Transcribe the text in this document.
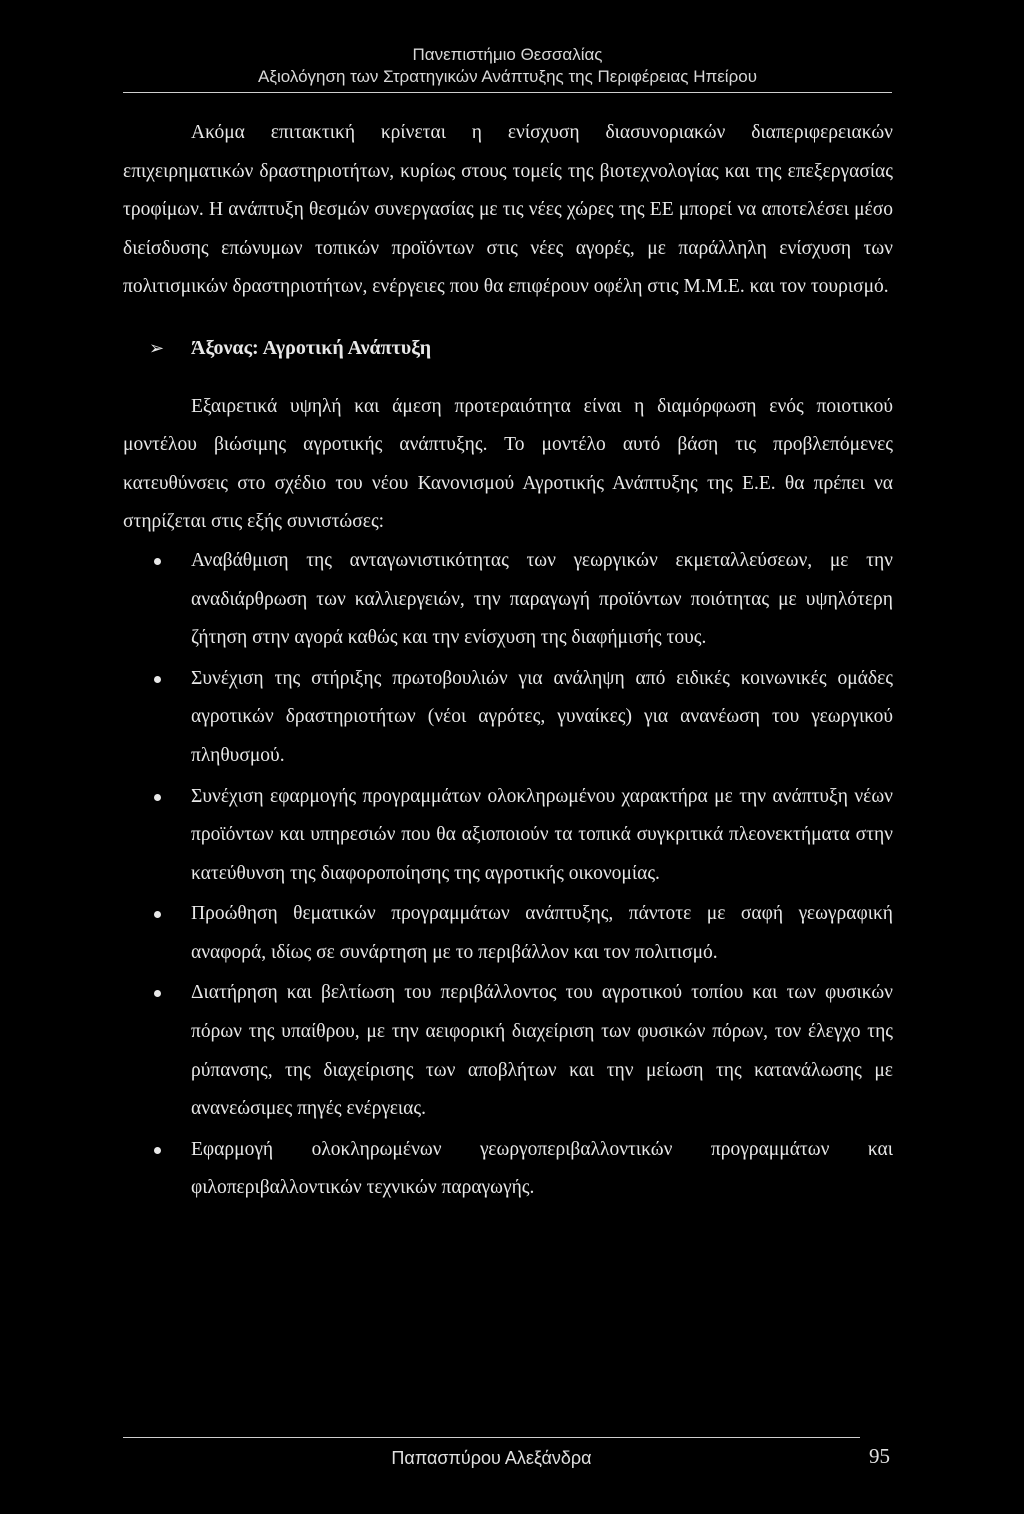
Πανεπιστήμιο Θεσσαλίας
Αξιολόγηση των Στρατηγικών Ανάπτυξης της Περιφέρειας Ηπείρου

Ακόμα επιτακτική κρίνεται η ενίσχυση διασυνοριακών διαπεριφερειακών επιχειρηματικών δραστηριοτήτων, κυρίως στους τομείς της βιοτεχνολογίας και της επεξεργασίας τροφίμων. Η ανάπτυξη θεσμών συνεργασίας με τις νέες χώρες της ΕΕ μπορεί να αποτελέσει μέσο διείσδυσης επώνυμων τοπικών προϊόντων στις νέες αγορές, με παράλληλη ενίσχυση των πολιτισμικών δραστηριοτήτων, ενέργειες που θα επιφέρουν οφέλη στις Μ.Μ.Ε. και τον τουρισμό.

➢	Άξονας: Αγροτική Ανάπτυξη

Εξαιρετικά υψηλή και άμεση προτεραιότητα είναι η διαμόρφωση ενός ποιοτικού μοντέλου βιώσιμης αγροτικής ανάπτυξης. Το μοντέλο αυτό βάση τις προβλεπόμενες κατευθύνσεις στο σχέδιο του νέου Κανονισμού Αγροτικής Ανάπτυξης της Ε.Ε. θα πρέπει να στηρίζεται στις εξής συνιστώσες:

Αναβάθμιση της ανταγωνιστικότητας των γεωργικών εκμεταλλεύσεων, με την αναδιάρθρωση των καλλιεργειών, την παραγωγή προϊόντων ποιότητας με υψηλότερη ζήτηση στην αγορά καθώς και την ενίσχυση της διαφήμισής τους.
Συνέχιση της στήριξης πρωτοβουλιών για ανάληψη από ειδικές κοινωνικές ομάδες αγροτικών δραστηριοτήτων (νέοι αγρότες, γυναίκες) για ανανέωση του γεωργικού πληθυσμού.
Συνέχιση εφαρμογής προγραμμάτων ολοκληρωμένου χαρακτήρα με την ανάπτυξη νέων προϊόντων και υπηρεσιών που θα αξιοποιούν τα τοπικά συγκριτικά πλεονεκτήματα στην κατεύθυνση της διαφοροποίησης της αγροτικής οικονομίας.
Προώθηση θεματικών προγραμμάτων ανάπτυξης, πάντοτε με σαφή γεωγραφική αναφορά, ιδίως σε συνάρτηση με το περιβάλλον και τον πολιτισμό.
Διατήρηση και βελτίωση του περιβάλλοντος του αγροτικού τοπίου και των φυσικών πόρων της υπαίθρου, με την αειφορική διαχείριση των φυσικών πόρων, τον έλεγχο της ρύπανσης, της διαχείρισης των αποβλήτων και την μείωση της κατανάλωσης με ανανεώσιμες πηγές ενέργειας.
Εφαρμογή ολοκληρωμένων γεωργοπεριβαλλοντικών προγραμμάτων και φιλοπεριβαλλοντικών τεχνικών παραγωγής.
Παπασπύρου Αλεξάνδρα	95
